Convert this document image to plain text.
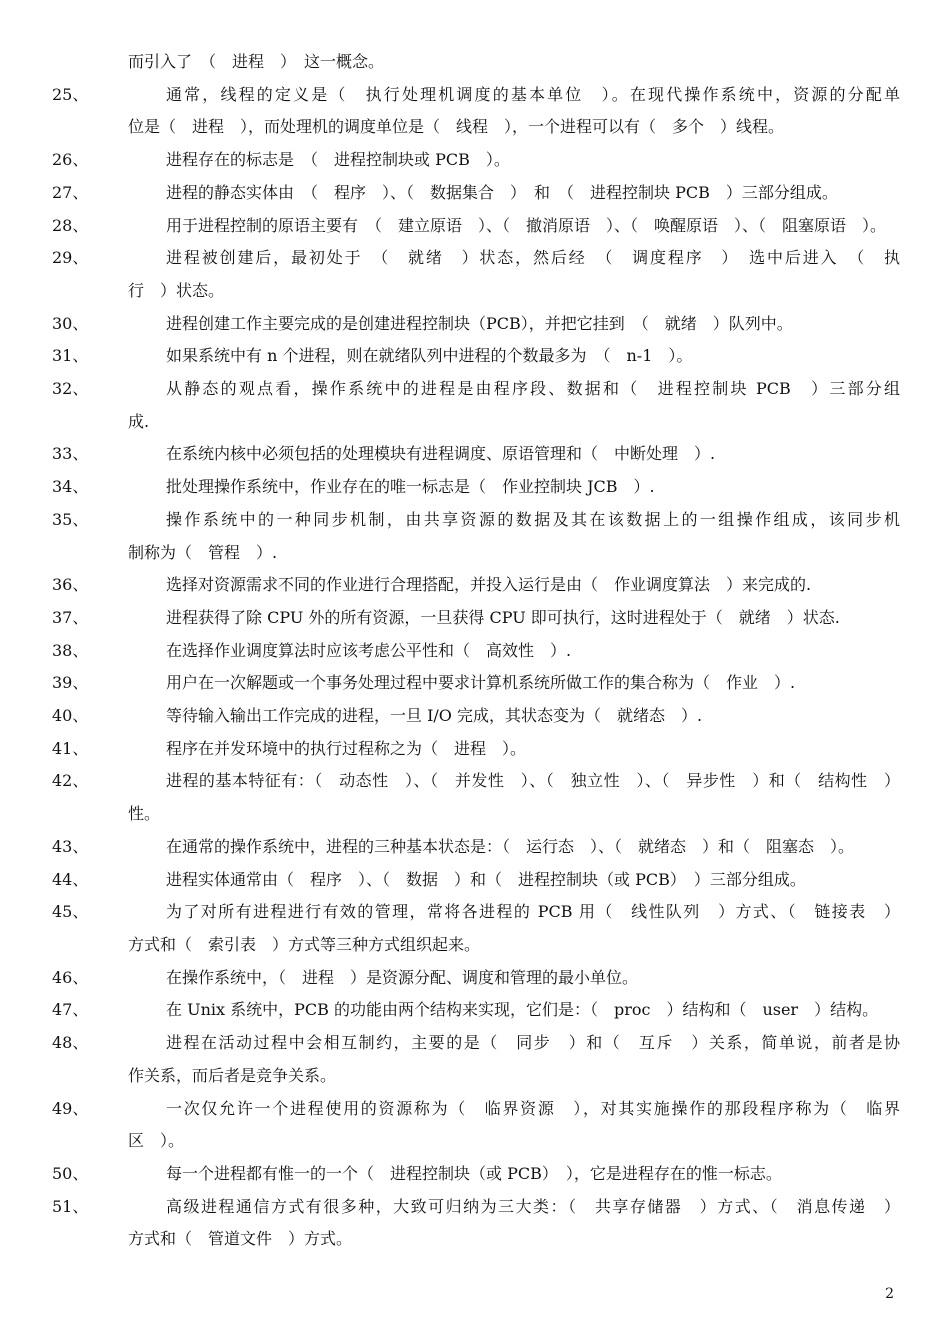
而引入了　（　进程　）　这一概念。
25、	通常，线程的定义是（　执行处理机调度的基本单位　）。在现代操作系统中，资源的分配单
位是（　进程　），而处理机的调度单位是（　线程　），一个进程可以有（　多个　）线程。
26、	进程存在的标志是　（　进程控制块或 PCB　）。
27、	进程的静态实体由　（　程序　）、（　数据集合　）　和　（　进程控制块 PCB　）三部分组成。
28、	用于进程控制的原语主要有　（　建立原语　）、（　撤消原语　）、（　唤醒原语　）、（　阻塞原语　）。
29、	进程被创建后，最初处于　（　就绪　）状态，然后经　（　调度程序　）　选中后进入　（　执
行　）状态。
30、	进程创建工作主要完成的是创建进程控制块（PCB），并把它挂到　（　就绪　）队列中。
31、	如果系统中有 n 个进程，则在就绪队列中进程的个数最多为　（　n-1　）。
32、	从静态的观点看，操作系统中的进程是由程序段、数据和（　进程控制块 PCB　）三部分组
成.
33、	在系统内核中必须包括的处理模块有进程调度、原语管理和（　中断处理　）.
34、	批处理操作系统中，作业存在的唯一标志是（　作业控制块 JCB　）.
35、	操作系统中的一种同步机制，由共享资源的数据及其在该数据上的一组操作组成，该同步机
制称为（　管程　）.
36、	选择对资源需求不同的作业进行合理搭配，并投入运行是由（　作业调度算法　）来完成的.
37、	进程获得了除 CPU 外的所有资源，一旦获得 CPU 即可执行，这时进程处于（　就绪　）状态.
38、	在选择作业调度算法时应该考虑公平性和（　高效性　）.
39、	用户在一次解题或一个事务处理过程中要求计算机系统所做工作的集合称为（　作业　）.
40、	等待输入输出工作完成的进程，一旦 I/O 完成，其状态变为（　就绪态　）.
41、	程序在并发环境中的执行过程称之为（　进程　）。
42、	进程的基本特征有：（　动态性　）、（　并发性　）、（　独立性　）、（　异步性　）和（　结构性　）
性。
43、	在通常的操作系统中，进程的三种基本状态是：（　运行态　）、（　就绪态　）和（　阻塞态　）。
44、	进程实体通常由（　程序　）、（　数据　）和（　进程控制块（或 PCB）　）三部分组成。
45、	为了对所有进程进行有效的管理，常将各进程的 PCB 用（　线性队列　）方式、（　链接表　）
方式和（　索引表　）方式等三种方式组织起来。
46、	在操作系统中，（　进程　）是资源分配、调度和管理的最小单位。
47、	在 Unix 系统中，PCB 的功能由两个结构来实现，它们是：（　proc　）结构和（　user　）结构。
48、	进程在活动过程中会相互制约，主要的是（　同步　）和（　互斥　）关系，简单说，前者是协
作关系，而后者是竞争关系。
49、	一次仅允许一个进程使用的资源称为（　临界资源　），对其实施操作的那段程序称为（　临界
区　）。
50、	每一个进程都有惟一的一个（　进程控制块（或 PCB）　），它是进程存在的惟一标志。
51、	高级进程通信方式有很多种，大致可归纳为三大类：（　共享存储器　）方式、（　消息传递　）
方式和（　管道文件　）方式。
2
